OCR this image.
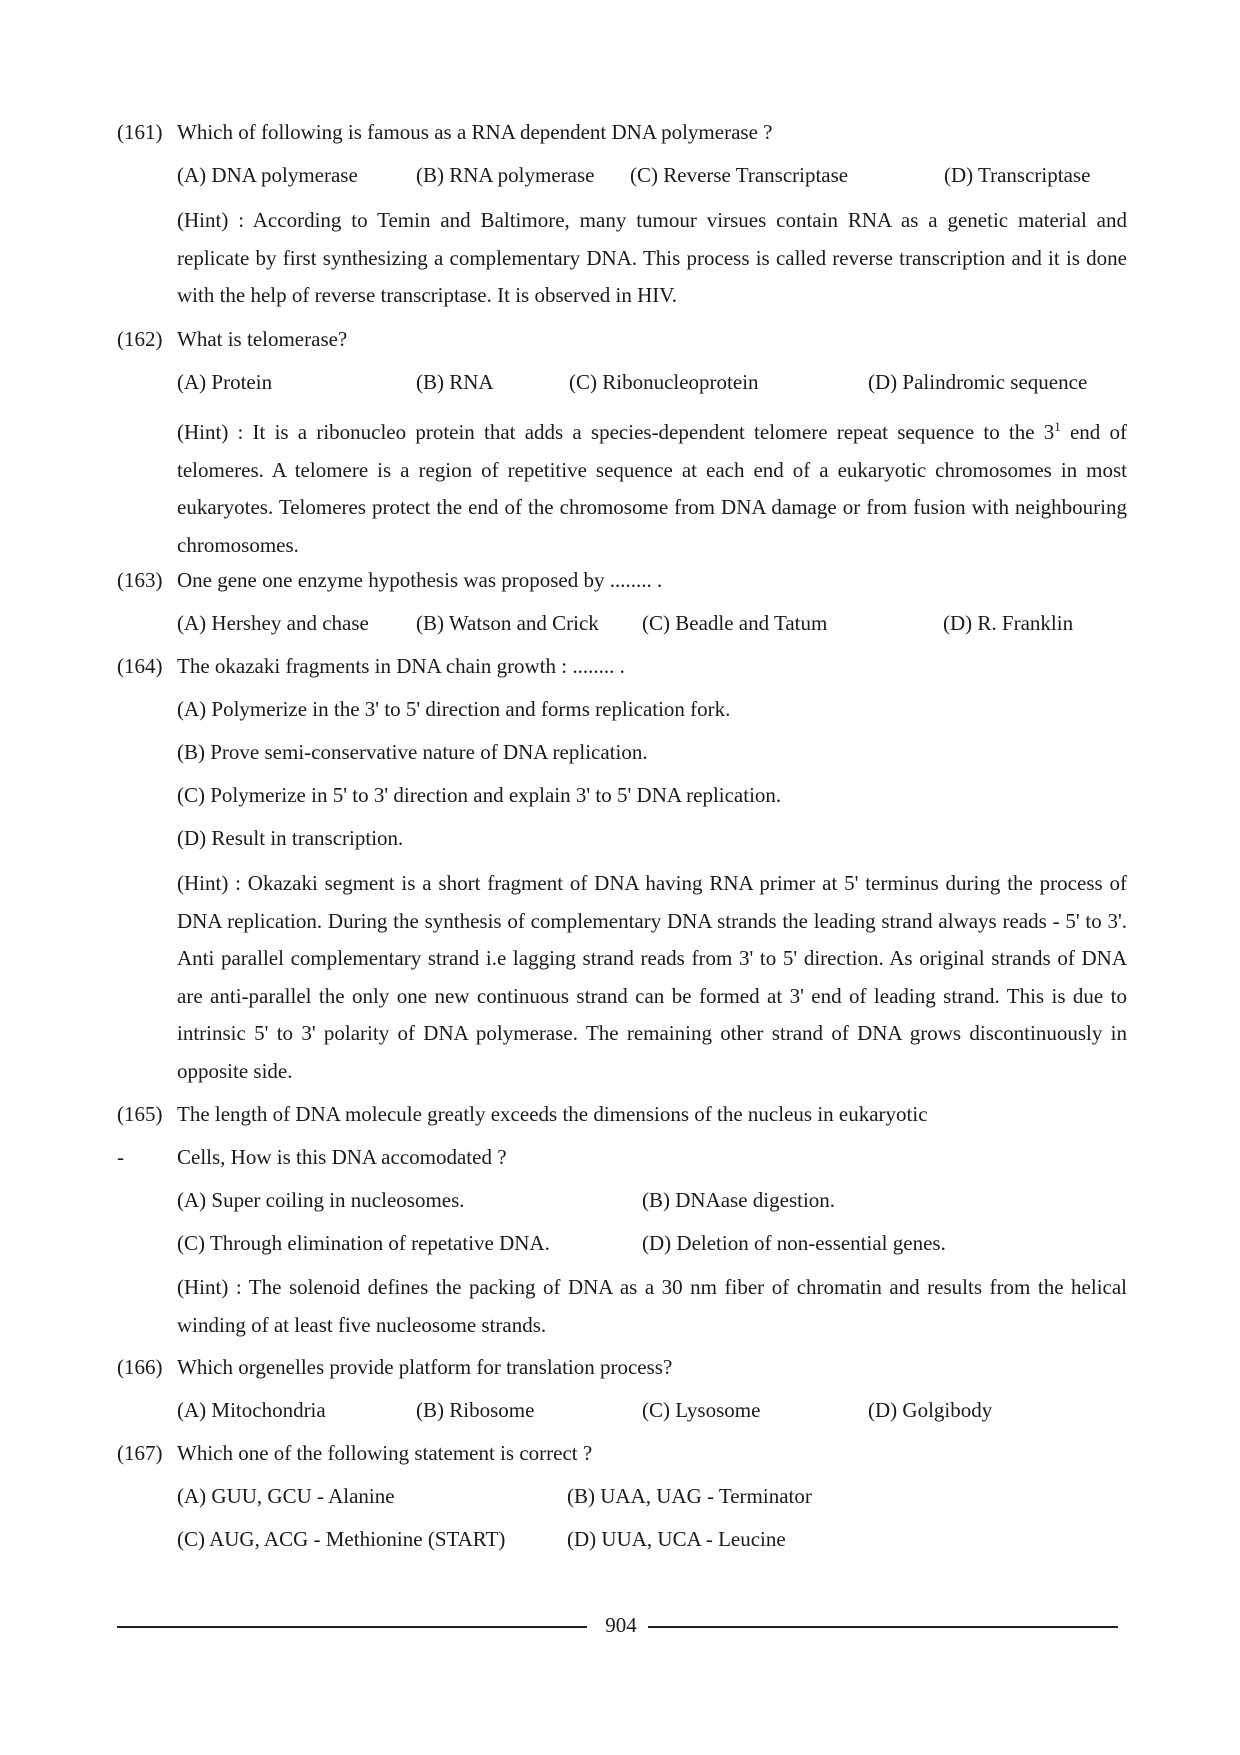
(161) Which of following is famous as a RNA dependent DNA polymerase ?
(A) DNA polymerase	(B) RNA polymerase (C) Reverse Transcriptase	(D) Transcriptase
(Hint) : According to Temin and Baltimore, many tumour virsues contain RNA as a genetic material and replicate by first synthesizing a complementary DNA. This process is called reverse transcription and it is done with the help of reverse transcriptase. It is observed in HIV.
(162) What is telomerase?
(A) Protein	(B) RNA	(C) Ribonucleoprotein	(D) Palindromic sequence
(Hint) : It is a ribonucleo protein that adds a species-dependent telomere repeat sequence to the $3^1$ end of telomeres. A telomere is a region of repetitive sequence at each end of a eukaryotic chromosomes in most eukaryotes. Telomeres protect the end of the chromosome from DNA damage or from fusion with neighbouring chromosomes.
(163) One gene one enzyme hypothesis was proposed by ........ .
(A) Hershey and chase (B) Watson and Crick (C) Beadle and Tatum	(D) R. Franklin
(164) The okazaki fragments in DNA chain growth : ........ .
(A) Polymerize in the 3' to 5' direction and forms replication fork.
(B) Prove semi-conservative nature of DNA replication.
(C) Polymerize in 5' to 3' direction and explain 3' to 5' DNA replication.
(D) Result in transcription.
(Hint) : Okazaki segment is a short fragment of DNA having RNA primer at 5' terminus during the process of DNA replication. During the synthesis of complementary DNA strands the leading strand always reads - 5' to 3'. Anti parallel complementary strand i.e lagging strand reads from 3' to 5' direction. As original strands of DNA are anti-parallel the only one new continuous strand can be formed at 3' end of leading strand. This is due to intrinsic 5' to 3' polarity of DNA polymerase. The remaining other strand of DNA grows discontinuously in opposite side.
(165) The length of DNA molecule greatly exceeds the dimensions of the nucleus in eukaryotic
-	Cells, How is this DNA accomodated ?
(A) Super coiling in nucleosomes.	(B) DNAase digestion.
(C) Through elimination of repetative DNA.	(D) Deletion of non-essential genes.
(Hint) : The solenoid defines the packing of DNA as a 30 nm fiber of chromatin and results from the helical winding of at least five nucleosome strands.
(166) Which orgenelles provide platform for translation process?
(A) Mitochondria	(B) Ribosome	(C) Lysosome	(D) Golgibody
(167) Which one of the following statement is correct ?
(A) GUU, GCU - Alanine	(B) UAA, UAG - Terminator
(C) AUG, ACG - Methionine (START)	(D) UUA, UCA - Leucine
904
